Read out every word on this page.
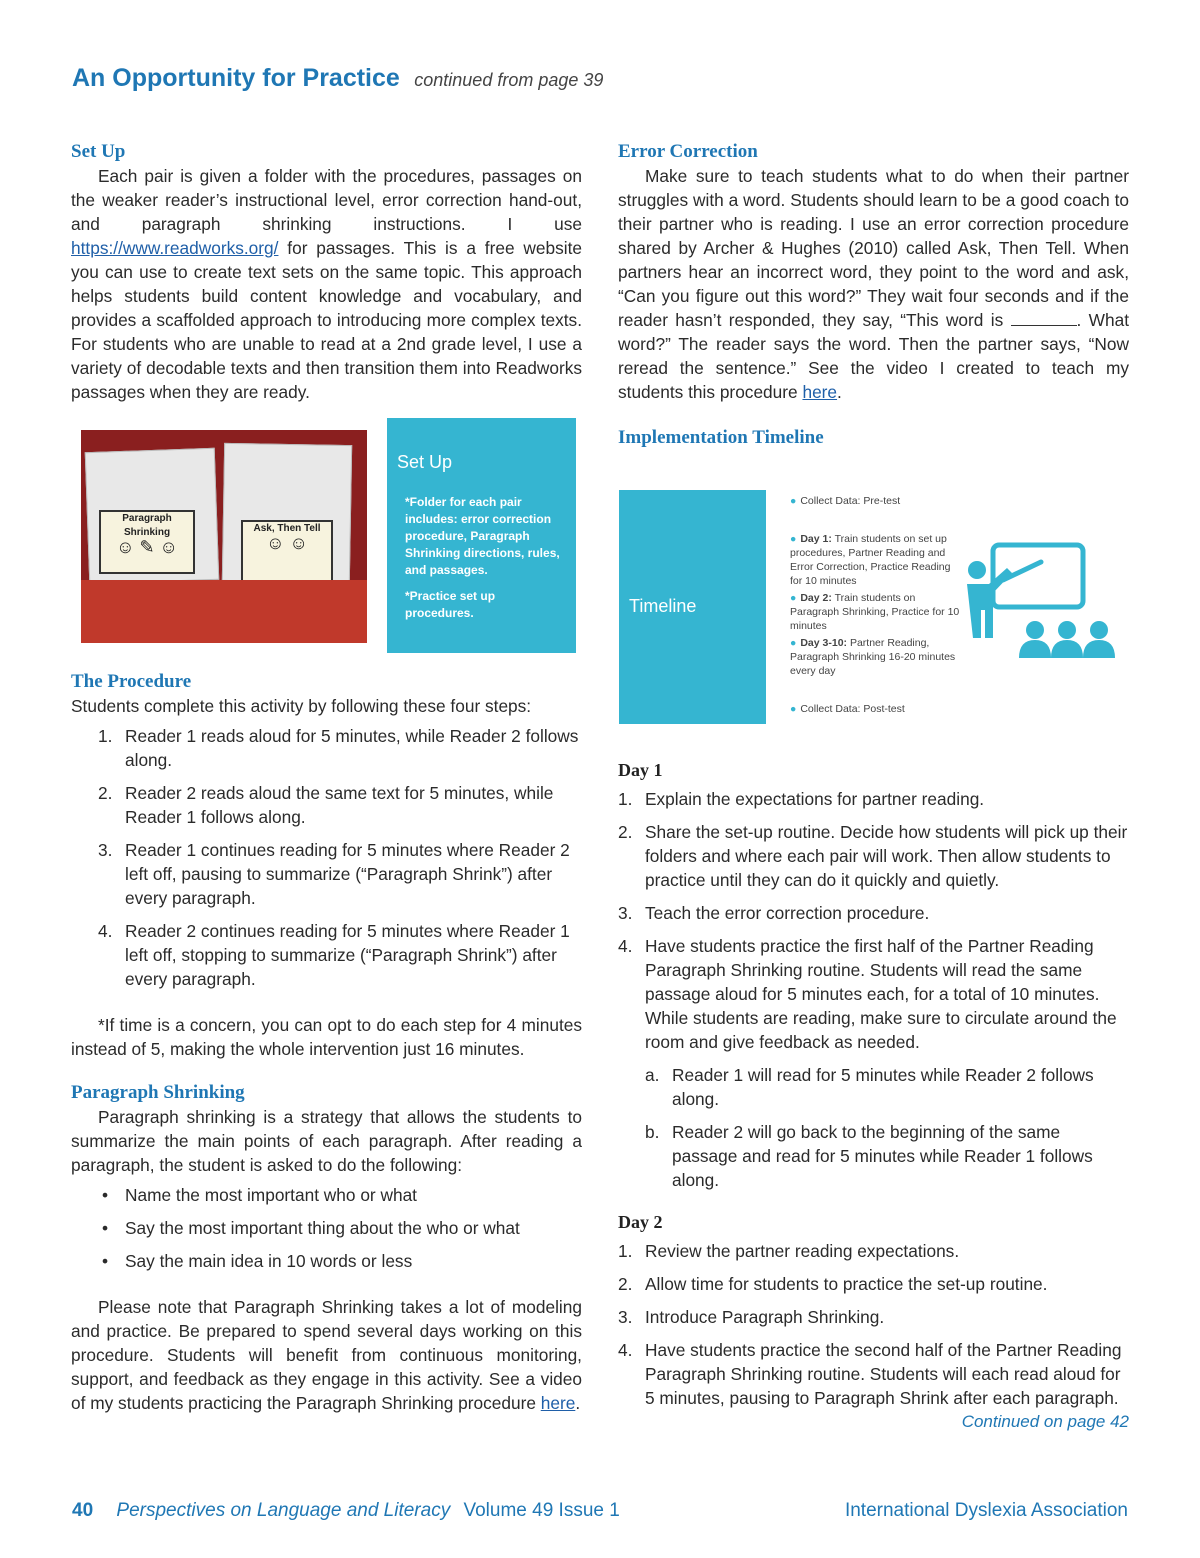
An Opportunity for Practice continued from page 39
Set Up

Each pair is given a folder with the procedures, passages on the weaker reader’s instructional level, error correction hand-out, and paragraph shrinking instructions. I use https://www.readworks.org/ for passages. This is a free website you can use to create text sets on the same topic. This approach helps students build content knowledge and vocabulary, and provides a scaffolded approach to introducing more complex texts. For students who are unable to read at a 2nd grade level, I use a variety of decodable texts and then transition them into Readworks passages when they are ready.

Paragraph Shrinking
☺ ✎ ☺
Ask, Then Tell
☺ ☺
Set Up
*Folder for each pair includes: error correction procedure, Paragraph Shrinking directions, rules, and passages.
*Practice set up procedures.
The Procedure

Students complete this activity by following these four steps:

1. Reader 1 reads aloud for 5 minutes, while Reader 2 follows along.
2. Reader 2 reads aloud the same text for 5 minutes, while Reader 1 follows along.
3. Reader 1 continues reading for 5 minutes where Reader 2 left off, pausing to summarize (“Paragraph Shrink”) after every paragraph.
4. Reader 2 continues reading for 5 minutes where Reader 1 left off, stopping to summarize (“Paragraph Shrink”) after every paragraph.

*If time is a concern, you can opt to do each step for 4 minutes instead of 5, making the whole intervention just 16 minutes.

Paragraph Shrinking

Paragraph shrinking is a strategy that allows the students to summarize the main points of each paragraph. After reading a paragraph, the student is asked to do the following:

• Name the most important who or what
• Say the most important thing about the who or what
• Say the main idea in 10 words or less

Please note that Paragraph Shrinking takes a lot of modeling and practice. Be prepared to spend several days working on this procedure. Students will benefit from continuous monitoring, support, and feedback as they engage in this activity. See a video of my students practicing the Paragraph Shrinking procedure here.

Error Correction

Make sure to teach students what to do when their partner struggles with a word. Students should learn to be a good coach to their partner who is reading. I use an error correction procedure shared by Archer & Hughes (2010) called Ask, Then Tell. When partners hear an incorrect word, they point to the word and ask, “Can you figure out this word?” They wait four seconds and if the reader hasn’t responded, they say, “This word is	. What word?” The reader says the word. Then the partner says, “Now reread the sentence.” See the video I created to teach my students this procedure here.

Implementation Timeline
Timeline
● Collect Data: Pre-test
● Day 1: Train students on set up procedures, Partner Reading and Error Correction, Practice Reading for 10 minutes
● Day 2: Train students on Paragraph Shrinking, Practice for 10 minutes
● Day 3-10: Partner Reading, Paragraph Shrinking 16-20 minutes every day
● Collect Data: Post-test
Day 1
1. Explain the expectations for partner reading.
2. Share the set-up routine. Decide how students will pick up their folders and where each pair will work. Then allow students to practice until they can do it quickly and quietly.
3. Teach the error correction procedure.
4. Have students practice the first half of the Partner Reading Paragraph Shrinking routine. Students will read the same passage aloud for 5 minutes each, for a total of 10 minutes. While students are reading, make sure to circulate around the room and give feedback as needed.
a. Reader 1 will read for 5 minutes while Reader 2 follows along.
b. Reader 2 will go back to the beginning of the same passage and read for 5 minutes while Reader 1 follows along.
Day 2
1. Review the partner reading expectations.
2. Allow time for students to practice the set-up routine.
3. Introduce Paragraph Shrinking.
4. Have students practice the second half of the Partner Reading Paragraph Shrinking routine. Students will each read aloud for 5 minutes, pausing to Paragraph Shrink after each paragraph.
Continued on page 42
40 Perspectives on Language and Literacy Volume 49 Issue 1	International Dyslexia Association
